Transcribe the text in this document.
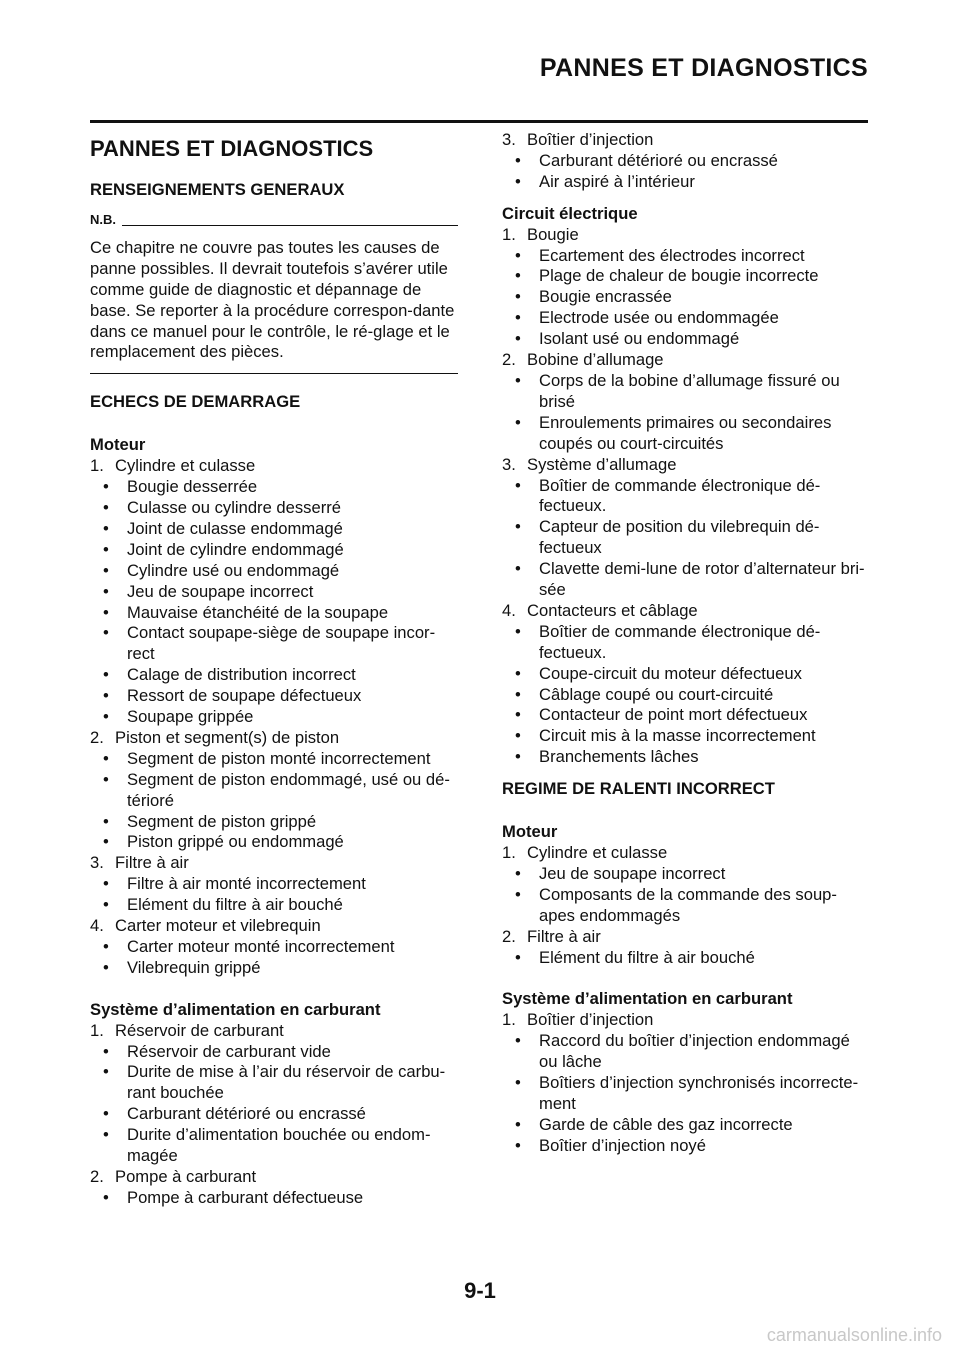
PANNES ET DIAGNOSTICS
PANNES ET DIAGNOSTICS
RENSEIGNEMENTS GENERAUX
N.B.
Ce chapitre ne couvre pas toutes les causes de panne possibles. Il devrait toutefois s’avérer utile comme guide de diagnostic et dépannage de base. Se reporter à la procédure correspon-dante dans ce manuel pour le contrôle, le ré-glage et le remplacement des pièces.
ECHECS DE DEMARRAGE
Moteur
1. Cylindre et culasse
• Bougie desserrée
• Culasse ou cylindre desserré
• Joint de culasse endommagé
• Joint de cylindre endommagé
• Cylindre usé ou endommagé
• Jeu de soupape incorrect
• Mauvaise étanchéité de la soupape
• Contact soupape-siège de soupape incor-rect
• Calage de distribution incorrect
• Ressort de soupape défectueux
• Soupape grippée
2. Piston et segment(s) de piston
• Segment de piston monté incorrectement
• Segment de piston endommagé, usé ou dé-térioré
• Segment de piston grippé
• Piston grippé ou endommagé
3. Filtre à air
• Filtre à air monté incorrectement
• Elément du filtre à air bouché
4. Carter moteur et vilebrequin
• Carter moteur monté incorrectement
• Vilebrequin grippé
Système d’alimentation en carburant
1. Réservoir de carburant
• Réservoir de carburant vide
• Durite de mise à l’air du réservoir de carbu-rant bouchée
• Carburant détérioré ou encrassé
• Durite d’alimentation bouchée ou endom-magée
2. Pompe à carburant
• Pompe à carburant défectueuse
3. Boîtier d’injection
• Carburant détérioré ou encrassé
• Air aspiré à l’intérieur
Circuit électrique
1. Bougie
• Ecartement des électrodes incorrect
• Plage de chaleur de bougie incorrecte
• Bougie encrassée
• Electrode usée ou endommagée
• Isolant usé ou endommagé
2. Bobine d’allumage
• Corps de la bobine d’allumage fissuré ou brisé
• Enroulements primaires ou secondaires coupés ou court-circuités
3. Système d’allumage
• Boîtier de commande électronique dé-fectueux.
• Capteur de position du vilebrequin dé-fectueux
• Clavette demi-lune de rotor d’alternateur bri-sée
4. Contacteurs et câblage
• Boîtier de commande électronique dé-fectueux.
• Coupe-circuit du moteur défectueux
• Câblage coupé ou court-circuité
• Contacteur de point mort défectueux
• Circuit mis à la masse incorrectement
• Branchements lâches
REGIME DE RALENTI INCORRECT
Moteur
1. Cylindre et culasse
• Jeu de soupape incorrect
• Composants de la commande des soup-apes endommagés
2. Filtre à air
• Elément du filtre à air bouché
Système d’alimentation en carburant
1. Boîtier d’injection
• Raccord du boîtier d’injection endommagé ou lâche
• Boîtiers d’injection synchronisés incorrecte-ment
• Garde de câble des gaz incorrecte
• Boîtier d’injection noyé
9-1
carmanualsonline.info
